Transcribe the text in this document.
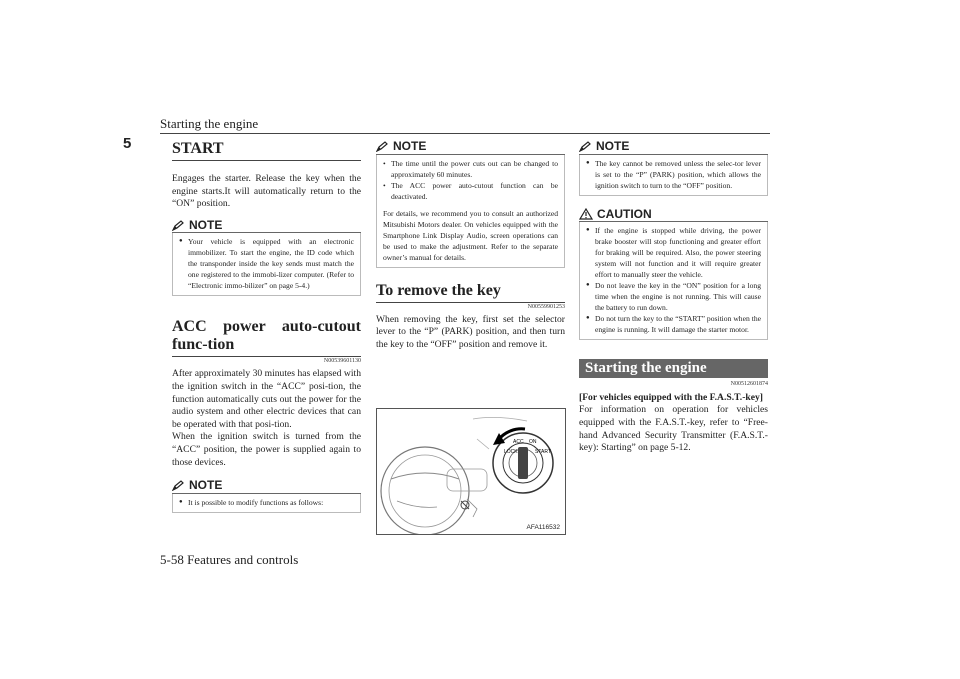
Starting the engine
5	START

Engages the starter. Release the key when the engine starts.It will automatically return to the “ON” position.

NOTE

● Your vehicle is equipped with an electronic immobilizer. To start the engine, the ID code which the transponder inside the key sends must match the one registered to the immobi-lizer computer. (Refer to “Electronic immo-bilizer” on page 5-4.)

ACC power auto-cutout func-tion
N00539601130

After approximately 30 minutes has elapsed with the ignition switch in the “ACC” posi-tion, the function automatically cuts out the power for the audio system and other electric devices that can be operated with that posi-tion.

When the ignition switch is turned from the “ACC” position, the power is supplied again to those devices.

NOTE

● It is possible to modify functions as follows:

NOTE

• The time until the power cuts out can be changed to approximately 60 minutes.

• The ACC power auto-cutout function can be deactivated.

For details, we recommend you to consult an authorized Mitsubishi Motors dealer. On vehicles equipped with the Smartphone Link Display Audio, screen operations can be used to make the adjustment. Refer to the separate owner’s manual for details.

To remove the key
N00559901253

When removing the key, first set the selector lever to the “P” (PARK) position, and then turn the key to the “OFF” position and remove it.

LOCK
ACC ON
START
AFA116532
NOTE

● The key cannot be removed unless the selec-tor lever is set to the “P” (PARK) position, which allows the ignition switch to turn to the “OFF” position.

CAUTION

● If the engine is stopped while driving, the power brake booster will stop functioning and greater effort for braking will be required. Also, the power steering system will not function and it will require greater effort to manually steer the vehicle.

● Do not leave the key in the “ON” position for a long time when the engine is not running. This will cause the battery to run down.

● Do not turn the key to the “START” position when the engine is running. It will damage the starter motor.

Starting the engine
N00512601874

[For vehicles equipped with the F.A.S.T.-key]

For information on operation for vehicles equipped with the F.A.S.T.-key, refer to “Free-hand Advanced Security Transmitter (F.A.S.T.-key): Starting” on page 5-12.

5-58 Features and controls
